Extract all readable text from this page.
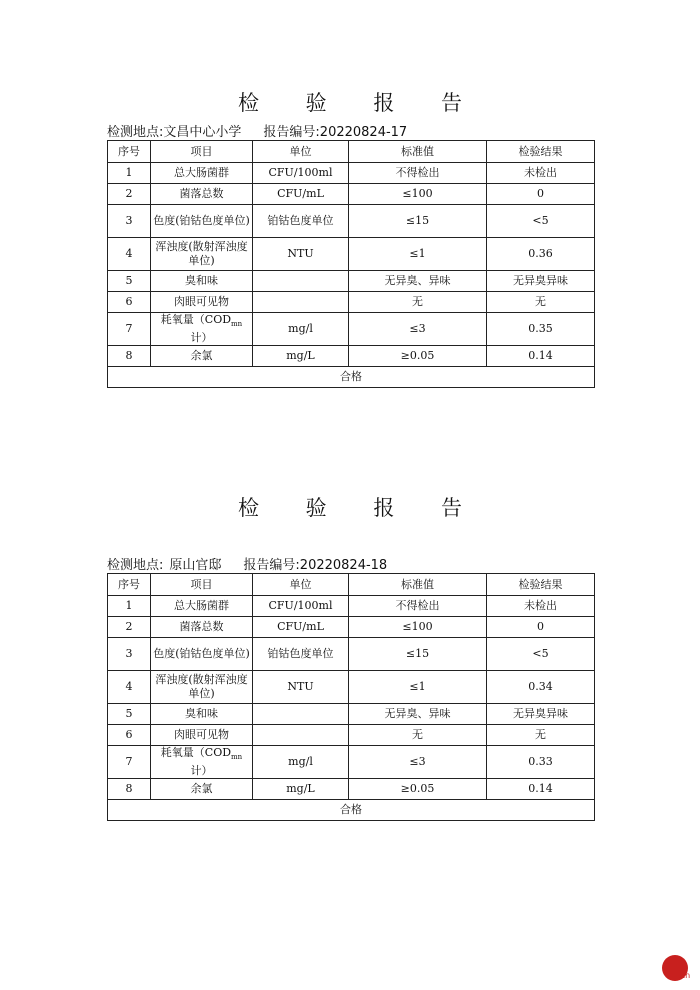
检 验 报 告
检测地点:文昌中心小学 报告编号:20220824-17
序号	项目	单位	标准值	检验结果
1	总大肠菌群	CFU/100ml	不得检出	未检出
2	菌落总数	CFU/mL	≤100	0
3	色度(铂钴色度单位)	铂钴色度单位	≤15	<5
4	浑浊度(散射浑浊度单位)	NTU	≤1	0.36
5	臭和味		无异臭、异味	无异臭异味
6	肉眼可见物		无	无
7	耗氧量（$COD_{mn}$计）	mg/l	≤3	0.35
8	余氯	mg/L	≥0.05	0.14
合格				
检 验 报 告
检测地点: 原山官邸 报告编号:20220824-18
序号	项目	单位	标准值	检验结果
1	总大肠菌群	CFU/100ml	不得检出	未检出
2	菌落总数	CFU/mL	≤100	0
3	色度(铂钴色度单位)	铂钴色度单位	≤15	<5
4	浑浊度(散射浑浊度单位)	NTU	≤1	0.34
5	臭和味		无异臭、异味	无异臭异味
6	肉眼可见物		无	无
7	耗氧量（$COD_{mn}$计）	mg/l	≤3	0.33
8	余氯	mg/L	≥0.05	0.14
合格				
l.cn
